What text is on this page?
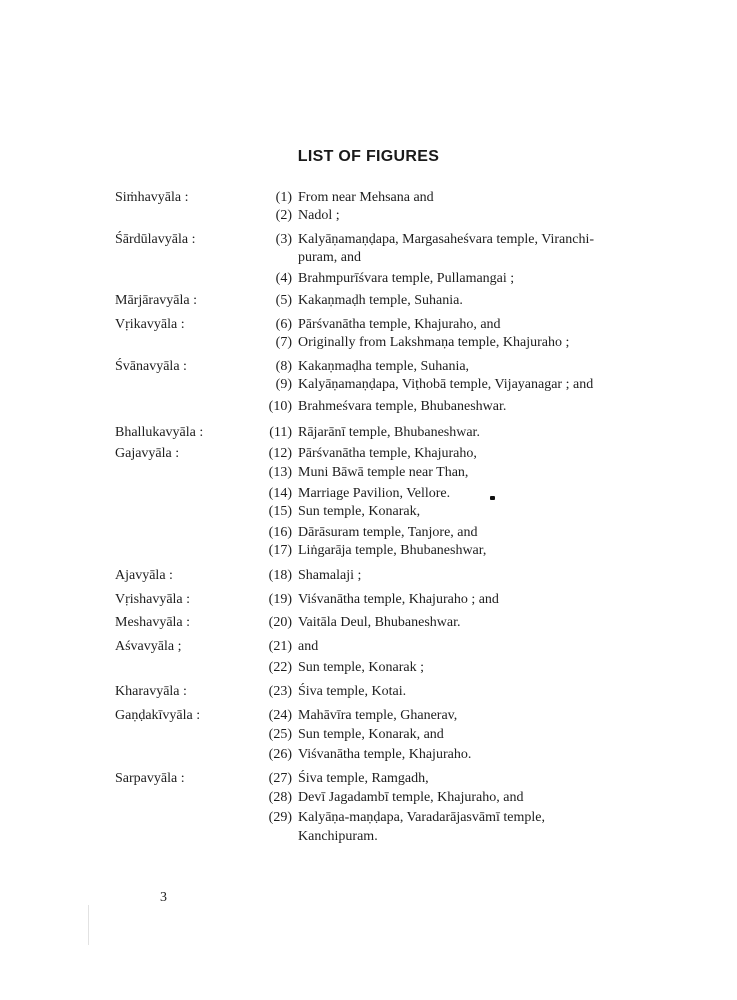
LIST OF FIGURES
Siṁhavyāla :
Śārdūlavyāla :
Mārjāravyāla :
Vṛikavyāla :
Śvānavyāla :
Bhallukavyāla :
Gajavyāla :
Ajavyāla :
Vṛishavyāla :
Meshavyāla :
Aśvavyāla ;
Kharavyāla :
Gaṇḍakīvyāla :
Sarpavyāla :
(1) From near Mehsana and
(2) Nadol ;
(3) Kalyāṇamaṇḍapa, Margasaheśvara temple, Viranchi-
puram, and
(4) Brahmpurīśvara temple, Pullamangai ;
(5) Kakaṇmaḍh temple, Suhania.
(6) Pārśvanātha temple, Khajuraho, and
(7) Originally from Lakshmaṇa temple, Khajuraho ;
(8) Kakaṇmaḍha temple, Suhania,
(9) Kalyāṇamaṇḍapa, Viṭhobā temple, Vijayanagar ; and
(10) Brahmeśvara temple, Bhubaneshwar.
(11) Rājarānī temple, Bhubaneshwar.
(12) Pārśvanātha temple, Khajuraho,
(13) Muni Bāwā temple near Than,
(14) Marriage Pavilion, Vellore.
(15) Sun temple, Konarak,
(16) Dārāsuram temple, Tanjore, and
(17) Liṅgarāja temple, Bhubaneshwar,
(18) Shamalaji ;
(19) Viśvanātha temple, Khajuraho ; and
(20) Vaitāla Deul, Bhubaneshwar.
(21) and
(22) Sun temple, Konarak ;
(23) Śiva temple, Kotai.
(24) Mahāvīra temple, Ghanerav,
(25) Sun temple, Konarak, and
(26) Viśvanātha temple, Khajuraho.
(27) Śiva temple, Ramgadh,
(28) Devī Jagadambī temple, Khajuraho, and
(29) Kalyāṇa-maṇḍapa, Varadarājasvāmī temple,
Kanchipuram.
3
